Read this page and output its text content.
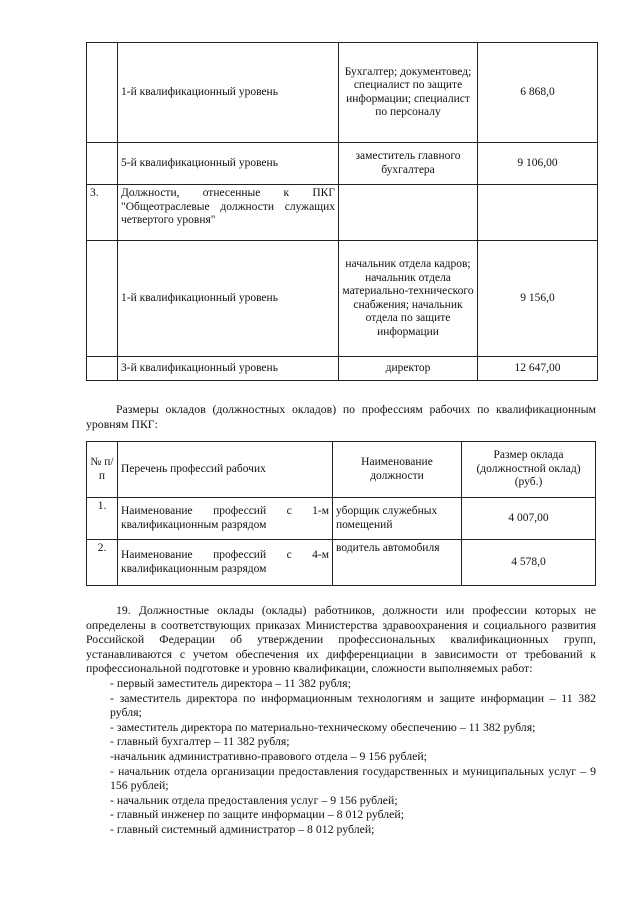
	1-й квалификационный уровень	Бухгалтер; документовед; специалист по защите информации; специалист по персоналу	6 868,0
	5-й квалификационный уровень	заместитель главного бухгалтера	9 106,00
3.	Должности, отнесенные к ПКГ "Общеотраслевые должности служащих четвертого уровня"		
	1-й квалификационный уровень	начальник отдела кадров; начальник отдела материально-технического снабжения; начальник отдела по защите информации	9 156,0
	3-й квалификационный уровень	директор	12 647,00
Размеры окладов (должностных окладов) по профессиям рабочих по квалификационным уровням ПКГ:
№ п/п	Перечень профессий рабочих	Наименование должности	Размер оклада (должностной оклад) (руб.)
1.	Наименование профессий с 1-м квалификационным разрядом	уборщик служебных помещений	4 007,00
2.	Наименование профессий с 4-м квалификационным разрядом	водитель автомобиля	4 578,0
19. Должностные оклады (оклады) работников, должности или профессии которых не определены в соответствующих приказах Министерства здравоохранения и социального развития Российской Федерации об утверждении профессиональных квалификационных групп, устанавливаются с учетом обеспечения их дифференциации в зависимости от требований к профессиональной подготовке и уровню квалификации, сложности выполняемых работ:
- первый заместитель директора – 11 382 рубля;
- заместитель директора по информационным технологиям и защите информации – 11 382 рубля;
- заместитель директора по материально-техническому обеспечению – 11 382 рубля;
- главный бухгалтер – 11 382 рубля;
-начальник административно-правового отдела – 9 156 рублей;
- начальник отдела организации предоставления государственных и муниципальных услуг – 9 156 рублей;
- начальник отдела предоставления услуг – 9 156 рублей;
- главный инженер по защите информации – 8 012 рублей;
- главный системный администратор – 8 012 рублей;
